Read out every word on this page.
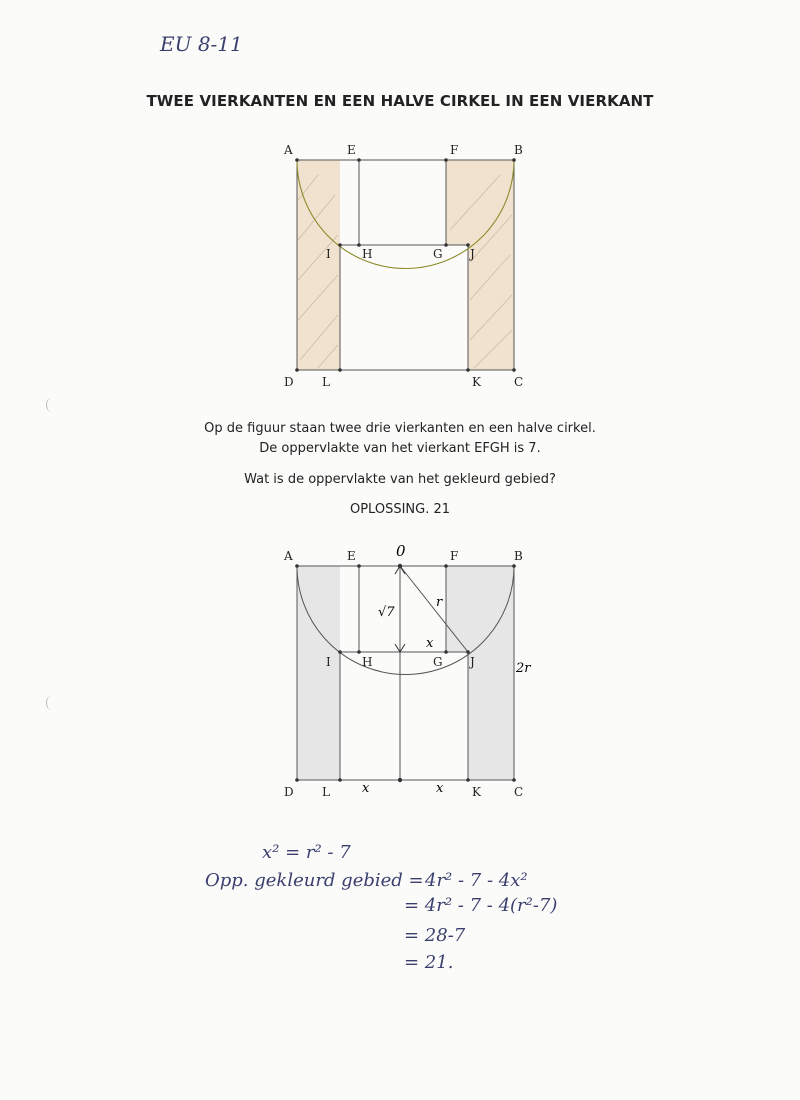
EU 8-11
TWEE VIERKANTEN EN EEN HALVE CIRKEL IN EEN VIERKANT
A	E	F	B
I	H	G J
D L	K	C
Op de figuur staan twee drie vierkanten en een halve cirkel.
De oppervlakte van het vierkant EFGH is 7.
Wat is de oppervlakte van het gekleurd gebied?
OPLOSSING. 21
A	E	0	F	B
I	H	G J
D L	K	C
√7
r
x
2r
x	x
x² = r² - 7
Opp. gekleurd gebied = 4r² - 7 - 4x²
= 4r² - 7 - 4(r²-7)
= 28-7
= 21.
